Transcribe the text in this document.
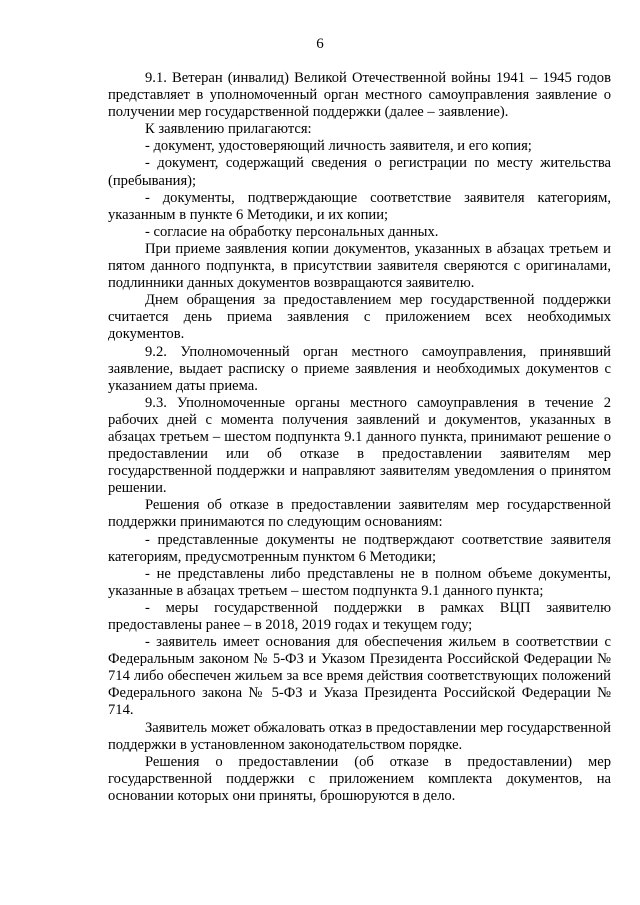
6

9.1. Ветеран (инвалид) Великой Отечественной войны 1941 – 1945 годов представляет в уполномоченный орган местного самоуправления заявление о получении мер государственной поддержки (далее – заявление).

К заявлению прилагаются:

- документ, удостоверяющий личность заявителя, и его копия;

- документ, содержащий сведения о регистрации по месту жительства (пребывания);

- документы, подтверждающие соответствие заявителя категориям, указанным в пункте 6 Методики, и их копии;

- согласие на обработку персональных данных.

При приеме заявления копии документов, указанных в абзацах третьем и пятом данного подпункта, в присутствии заявителя сверяются с оригиналами, подлинники данных документов возвращаются заявителю.

Днем обращения за предоставлением мер государственной поддержки считается день приема заявления с приложением всех необходимых документов.

9.2. Уполномоченный орган местного самоуправления, принявший заявление, выдает расписку о приеме заявления и необходимых документов с указанием даты приема.

9.3. Уполномоченные органы местного самоуправления в течение 2 рабочих дней с момента получения заявлений и документов, указанных в абзацах третьем – шестом подпункта 9.1 данного пункта, принимают решение о предоставлении или об отказе в предоставлении заявителям мер государственной поддержки и направляют заявителям уведомления о принятом решении.

Решения об отказе в предоставлении заявителям мер государственной поддержки принимаются по следующим основаниям:

- представленные документы не подтверждают соответствие заявителя категориям, предусмотренным пунктом 6 Методики;

- не представлены либо представлены не в полном объеме документы, указанные в абзацах третьем – шестом подпункта 9.1 данного пункта;

- меры государственной поддержки в рамках ВЦП заявителю предоставлены ранее – в 2018, 2019 годах и текущем году;

- заявитель имеет основания для обеспечения жильем в соответствии с Федеральным законом № 5-ФЗ и Указом Президента Российской Федерации № 714 либо обеспечен жильем за все время действия соответствующих положений Федерального закона № 5-ФЗ и Указа Президента Российской Федерации № 714.

Заявитель может обжаловать отказ в предоставлении мер государственной поддержки в установленном законодательством порядке.

Решения о предоставлении (об отказе в предоставлении) мер государственной поддержки с приложением комплекта документов, на основании которых они приняты, брошюруются в дело.
